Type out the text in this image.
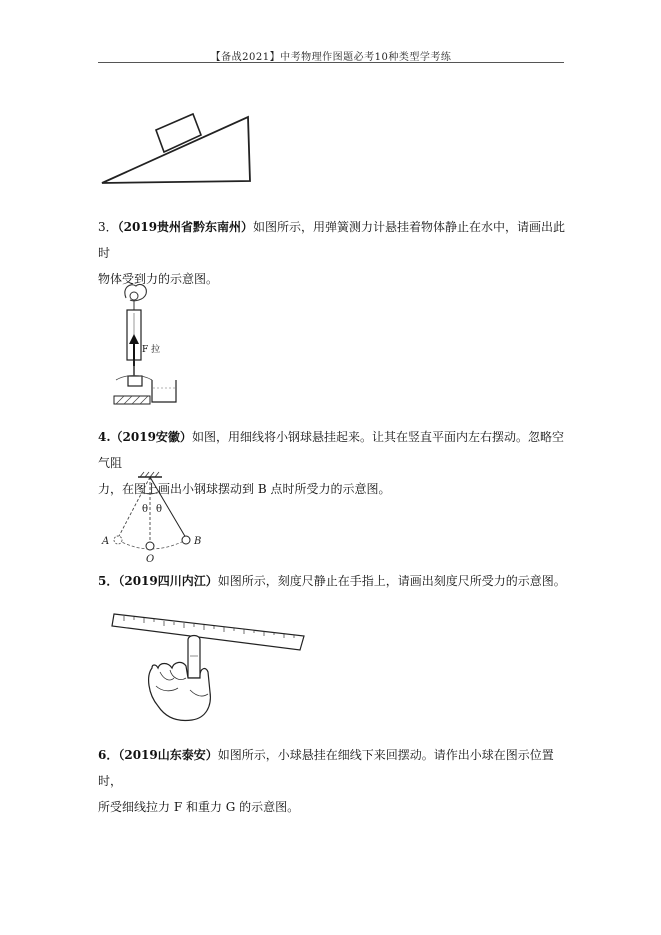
【备战2021】中考物理作图题必考10种类型学考练
3．（2019贵州省黔东南州）如图所示，用弹簧测力计悬挂着物体静止在水中，请画出此时
物体受到力的示意图。
F 拉
4.（2019安徽）如图，用细线将小钢球悬挂起来。让其在竖直平面内左右摆动。忽略空气阻
力，在图上画出小钢球摆动到 B 点时所受力的示意图。
θ θ
A	B
O
5．（2019四川内江）如图所示，刻度尺静止在手指上，请画出刻度尺所受力的示意图。
6．（2019山东泰安）如图所示，小球悬挂在细线下来回摆动。请作出小球在图示位置时，
所受细线拉力 F 和重力 G 的示意图。
